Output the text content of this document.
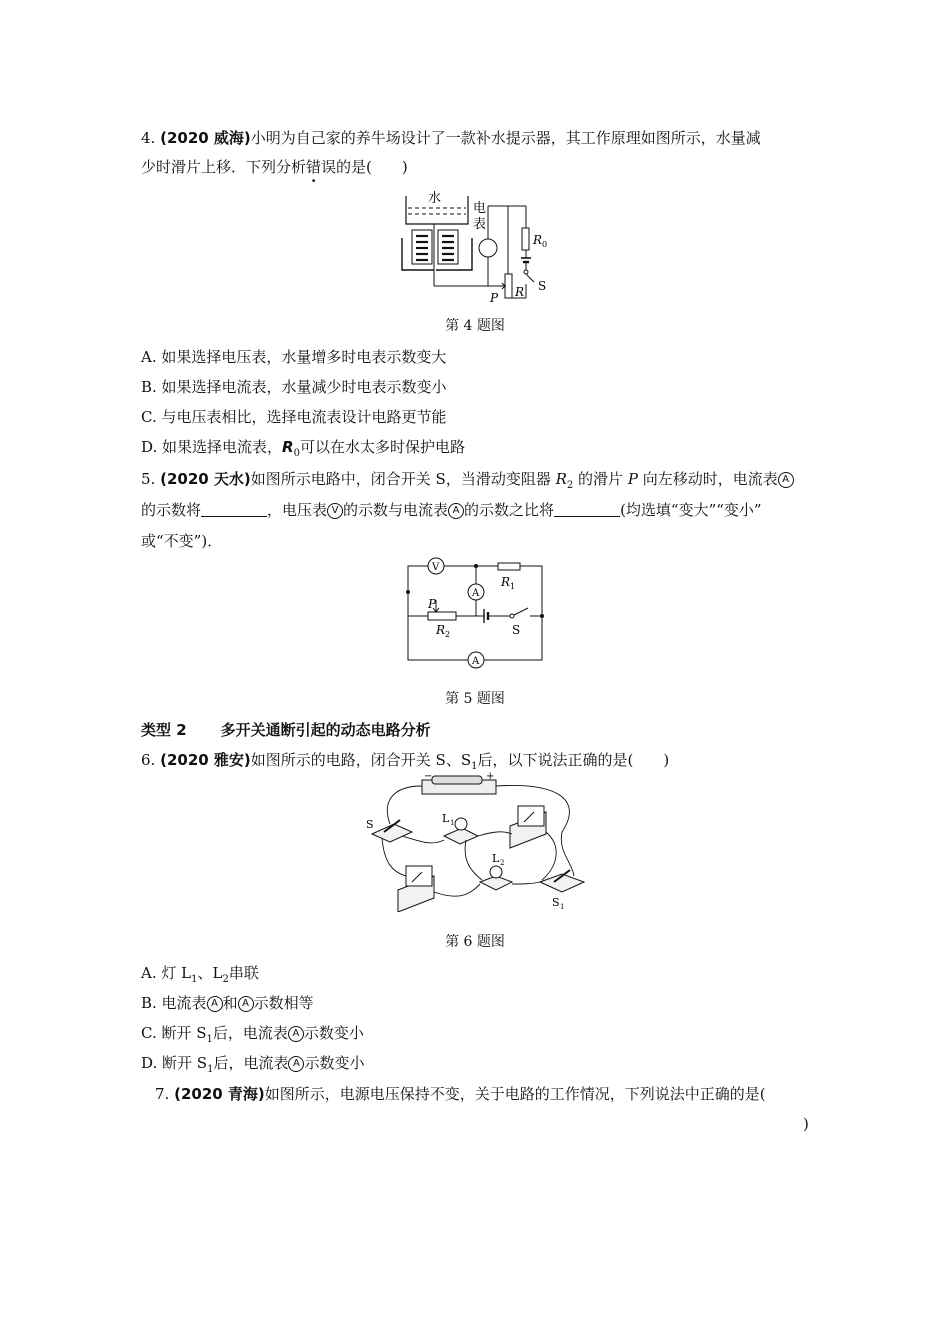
4. (2020 威海)小明为自己家的养牛场设计了一款补水提示器，其工作原理如图所示，水量减
少时滑片上移．下列分析错误的是(　　)
水
电
表
R 0
S
P R
第 4 题图
A. 如果选择电压表，水量增多时电表示数变大
B. 如果选择电流表，水量减少时电表示数变小
C. 与电压表相比，选择电流表设计电路更节能
D. 如果选择电流表，$R_0$可以在水太多时保护电路
5. (2020 天水)如图所示电路中，闭合开关 S，当滑动变阻器 $R_2$ 的滑片 P 向左移动时，电流表 A
的示数将	，电压表 V 的示数与电流表 A 的示数之比将	(均选填“变大”“变小”
或“不变”)．
V
A
A
R 1
P
R 2	S
第 5 题图
类型 2 多开关通断引起的动态电路分析
6. (2020 雅安)如图所示的电路，闭合开关 S、$S_1$后，以下说法正确的是(　　)
−	+
S	L 1
L 2
S 1
第 6 题图
A. 灯 $L_1$、$L_2$串联
B. 电流表 A 和 A 示数相等
C. 断开 $S_1$后，电流表 A 示数变小
D. 断开 $S_1$后，电流表 A 示数变小
7. (2020 青海)如图所示，电源电压保持不变，关于电路的工作情况，下列说法中正确的是(
)
